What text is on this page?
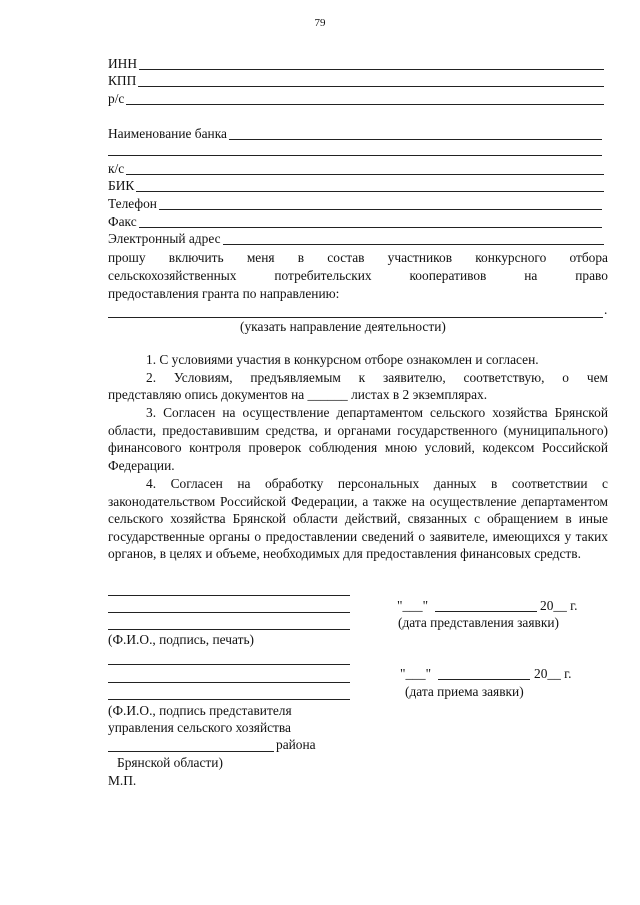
79
ИНН
КПП
р/с
Наименование банка
к/с
БИК
Телефон
Факс
Электронный адрес
прошу включить меня в состав участников конкурсного отбора
сельскохозяйственных потребительских кооперативов на право
предоставления гранта по направлению:
.
(указать направление деятельности)
1. С условиями участия в конкурсном отборе ознакомлен и согласен.
2. Условиям, предъявляемым к заявителю, соответствую, о чем
представляю опись документов на ______ листах в 2 экземплярах.

3. Согласен на осуществление департаментом сельского хозяйства Брянской области, предоставившим средства, и органами государственного (муниципального) финансового контроля проверок соблюдения мною условий, кодексом Российской Федерации.

4. Согласен на обработку персональных данных в соответствии с законодательством Российской Федерации, а также на осуществление департаментом сельского хозяйства Брянской области действий, связанных с обращением в иные государственные органы о предоставлении сведений о заявителе, имеющихся у таких органов, в целях и объеме, необходимых для предоставления финансовых средств.

(Ф.И.О., подпись, печать)
"___"	20__ г.
(дата представления заявки)
(Ф.И.О., подпись представителя
управления сельского хозяйства
района
Брянской области)
М.П.
"___"	20__ г.
(дата приема заявки)
